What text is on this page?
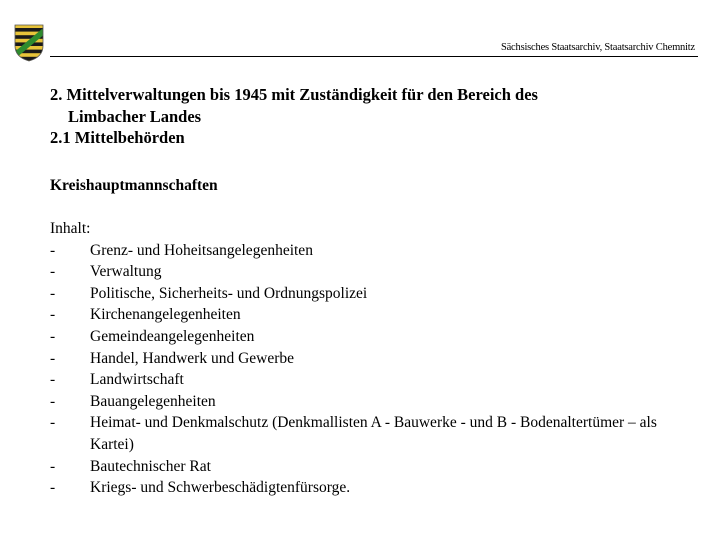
Sächsisches Staatsarchiv, Staatsarchiv Chemnitz
2. Mittelverwaltungen bis 1945 mit Zuständigkeit für den Bereich des
Limbacher Landes
2.1 Mittelbehörden
Kreishauptmannschaften
Inhalt:
- Grenz- und Hoheitsangelegenheiten
- Verwaltung
- Politische, Sicherheits- und Ordnungspolizei
- Kirchenangelegenheiten
- Gemeindeangelegenheiten
- Handel, Handwerk und Gewerbe
- Landwirtschaft
- Bauangelegenheiten
- Heimat- und Denkmalschutz (Denkmallisten A - Bauwerke - und B - Bodenaltertümer – als Kartei)
- Bautechnischer Rat
- Kriegs- und Schwerbeschädigtenfürsorge.
